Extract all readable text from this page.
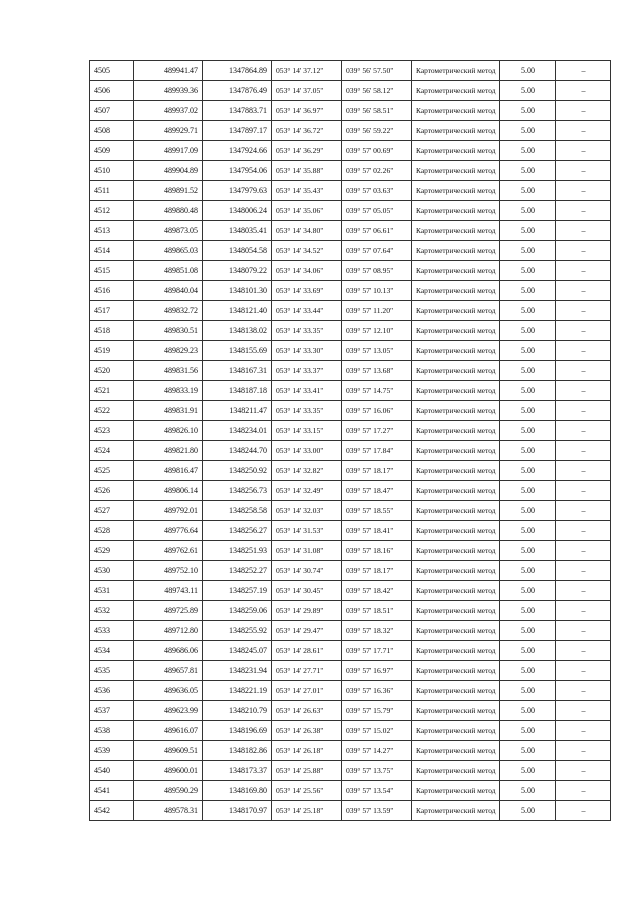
4505	489941.47	1347864.89	053° 14' 37.12"	039° 56' 57.50"	Картометрический метод	5.00	–
4506	489939.36	1347876.49	053° 14' 37.05"	039° 56' 58.12"	Картометрический метод	5.00	–
4507	489937.02	1347883.71	053° 14' 36.97"	039° 56' 58.51"	Картометрический метод	5.00	–
4508	489929.71	1347897.17	053° 14' 36.72"	039° 56' 59.22"	Картометрический метод	5.00	–
4509	489917.09	1347924.66	053° 14' 36.29"	039° 57' 00.69"	Картометрический метод	5.00	–
4510	489904.89	1347954.06	053° 14' 35.88"	039° 57' 02.26"	Картометрический метод	5.00	–
4511	489891.52	1347979.63	053° 14' 35.43"	039° 57' 03.63"	Картометрический метод	5.00	–
4512	489880.48	1348006.24	053° 14' 35.06"	039° 57' 05.05"	Картометрический метод	5.00	–
4513	489873.05	1348035.41	053° 14' 34.80"	039° 57' 06.61"	Картометрический метод	5.00	–
4514	489865.03	1348054.58	053° 14' 34.52"	039° 57' 07.64"	Картометрический метод	5.00	–
4515	489851.08	1348079.22	053° 14' 34.06"	039° 57' 08.95"	Картометрический метод	5.00	–
4516	489840.04	1348101.30	053° 14' 33.69"	039° 57' 10.13"	Картометрический метод	5.00	–
4517	489832.72	1348121.40	053° 14' 33.44"	039° 57' 11.20"	Картометрический метод	5.00	–
4518	489830.51	1348138.02	053° 14' 33.35"	039° 57' 12.10"	Картометрический метод	5.00	–
4519	489829.23	1348155.69	053° 14' 33.30"	039° 57' 13.05"	Картометрический метод	5.00	–
4520	489831.56	1348167.31	053° 14' 33.37"	039° 57' 13.68"	Картометрический метод	5.00	–
4521	489833.19	1348187.18	053° 14' 33.41"	039° 57' 14.75"	Картометрический метод	5.00	–
4522	489831.91	1348211.47	053° 14' 33.35"	039° 57' 16.06"	Картометрический метод	5.00	–
4523	489826.10	1348234.01	053° 14' 33.15"	039° 57' 17.27"	Картометрический метод	5.00	–
4524	489821.80	1348244.70	053° 14' 33.00"	039° 57' 17.84"	Картометрический метод	5.00	–
4525	489816.47	1348250.92	053° 14' 32.82"	039° 57' 18.17"	Картометрический метод	5.00	–
4526	489806.14	1348256.73	053° 14' 32.49"	039° 57' 18.47"	Картометрический метод	5.00	–
4527	489792.01	1348258.58	053° 14' 32.03"	039° 57' 18.55"	Картометрический метод	5.00	–
4528	489776.64	1348256.27	053° 14' 31.53"	039° 57' 18.41"	Картометрический метод	5.00	–
4529	489762.61	1348251.93	053° 14' 31.08"	039° 57' 18.16"	Картометрический метод	5.00	–
4530	489752.10	1348252.27	053° 14' 30.74"	039° 57' 18.17"	Картометрический метод	5.00	–
4531	489743.11	1348257.19	053° 14' 30.45"	039° 57' 18.42"	Картометрический метод	5.00	–
4532	489725.89	1348259.06	053° 14' 29.89"	039° 57' 18.51"	Картометрический метод	5.00	–
4533	489712.80	1348255.92	053° 14' 29.47"	039° 57' 18.32"	Картометрический метод	5.00	–
4534	489686.06	1348245.07	053° 14' 28.61"	039° 57' 17.71"	Картометрический метод	5.00	–
4535	489657.81	1348231.94	053° 14' 27.71"	039° 57' 16.97"	Картометрический метод	5.00	–
4536	489636.05	1348221.19	053° 14' 27.01"	039° 57' 16.36"	Картометрический метод	5.00	–
4537	489623.99	1348210.79	053° 14' 26.63"	039° 57' 15.79"	Картометрический метод	5.00	–
4538	489616.07	1348196.69	053° 14' 26.38"	039° 57' 15.02"	Картометрический метод	5.00	–
4539	489609.51	1348182.86	053° 14' 26.18"	039° 57' 14.27"	Картометрический метод	5.00	–
4540	489600.01	1348173.37	053° 14' 25.88"	039° 57' 13.75"	Картометрический метод	5.00	–
4541	489590.29	1348169.80	053° 14' 25.56"	039° 57' 13.54"	Картометрический метод	5.00	–
4542	489578.31	1348170.97	053° 14' 25.18"	039° 57' 13.59"	Картометрический метод	5.00	–
